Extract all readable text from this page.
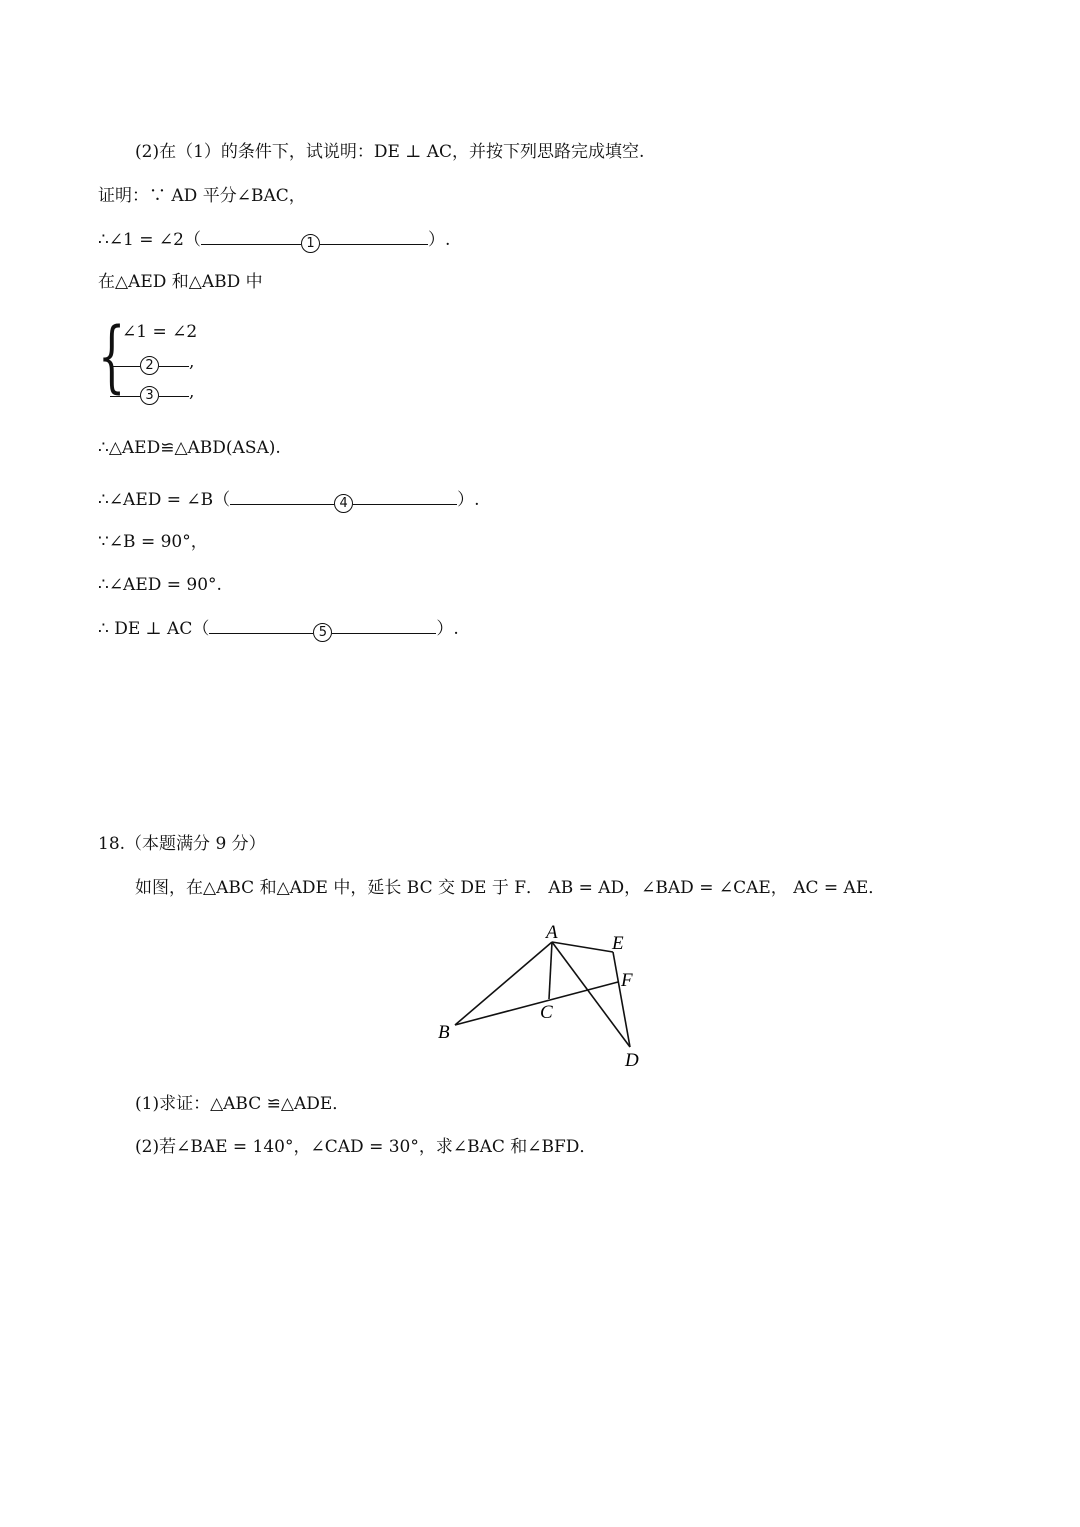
(2)在（1）的条件下，试说明：DE ⊥ AC，并按下列思路完成填空.
证明：∵ AD 平分∠BAC，
∴∠1 = ∠2（	1	）.
在△AED 和△ABD 中
{
∠1 = ∠2
2 ,
3 ,
∴△AED≌△ABD(ASA).
∴∠AED = ∠B（	4	）.
∵∠B = 90°，
∴∠AED = 90°.
∴ DE ⊥ AC（	5	）.
18.（本题满分 9 分）
如图，在△ABC 和△ADE 中，延长 BC 交 DE 于 F． AB = AD，∠BAD = ∠CAE， AC = AE．
A
E
F
C
B
D
(1)求证：△ABC ≌△ADE．
(2)若∠BAE = 140°，∠CAD = 30°，求∠BAC 和∠BFD．
